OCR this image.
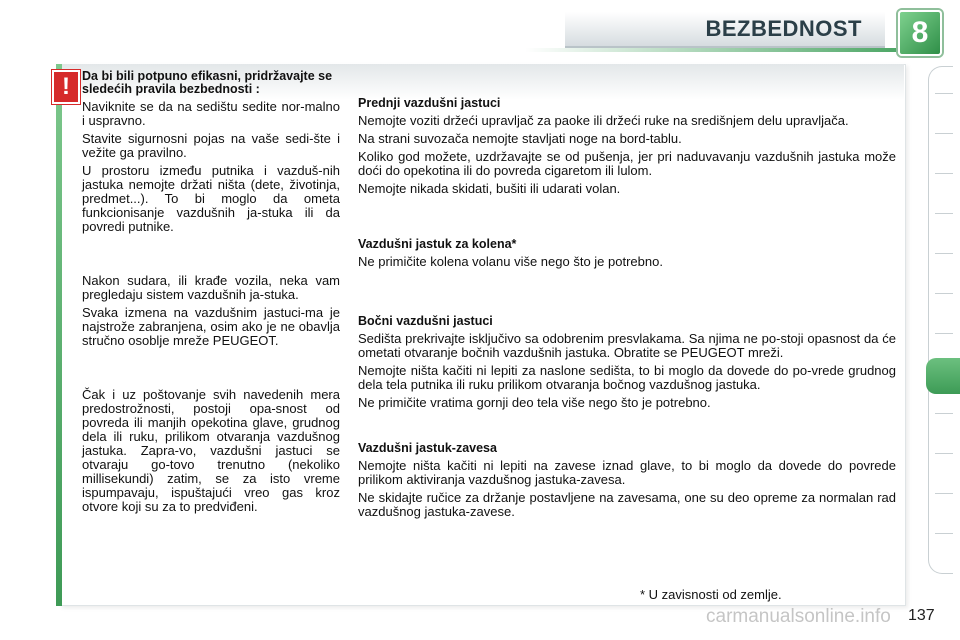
BEZBEDNOST	8
! Da bi bili potpuno efikasni, pridržavajte se sledećih pravila bezbednosti :

Naviknite se da na sedištu sedite nor-malno i uspravno.

Stavite sigurnosni pojas na vaše sedi-šte i vežite ga pravilno.

U prostoru između putnika i vazduš-nih jastuka nemojte držati ništa (dete, životinja, predmet...). To bi moglo da ometa funkcionisanje vazdušnih ja-stuka ili da povredi putnike.

Nakon sudara, ili krađe vozila, neka vam pregledaju sistem vazdušnih ja-stuka.

Svaka izmena na vazdušnim jastuci-ma je najstrože zabranjena, osim ako je ne obavlja stručno osoblje mreže PEUGEOT.

Čak i uz poštovanje svih navedenih mera predostrožnosti, postoji opa-snost od povreda ili manjih opekotina glave, grudnog dela ili ruku, prilikom otvaranja vazdušnog jastuka. Zapra-vo, vazdušni jastuci se otvaraju go-tovo trenutno (nekoliko millisekundi) zatim, se za isto vreme ispumpavaju, ispuštajući vreo gas kroz otvore koji su za to predviđeni.

Prednji vazdušni jastuci

Nemojte voziti držeći upravljač za paoke ili držeći ruke na središnjem delu upravljača.

Na strani suvozača nemojte stavljati noge na bord-tablu.

Koliko god možete, uzdržavajte se od pušenja, jer pri naduvavanju vazdušnih jastuka može doći do opekotina ili do povreda cigaretom ili lulom.

Nemojte nikada skidati, bušiti ili udarati volan.

Vazdušni jastuk za kolena*

Ne primičite kolena volanu više nego što je potrebno.

Bočni vazdušni jastuci

Sedišta prekrivajte isključivo sa odobrenim presvlakama. Sa njima ne po-stoji opasnost da će ometati otvaranje bočnih vazdušnih jastuka. Obratite se PEUGEOT mreži.

Nemojte ništa kačiti ni lepiti za naslone sedišta, to bi moglo da dovede do po-vrede grudnog dela tela putnika ili ruku prilikom otvaranja bočnog vazdušnog jastuka.

Ne primičite vratima gornji deo tela više nego što je potrebno.

Vazdušni jastuk-zavesa

Nemojte ništa kačiti ni lepiti na zavese iznad glave, to bi moglo da dovede do povrede prilikom aktiviranja vazdušnog jastuka-zavesa.

Ne skidajte ručice za držanje postavljene na zavesama, one su deo opreme za normalan rad vazdušnog jastuka-zavese.

* U zavisnosti od zemlje.
carmanualsonline.info 137
